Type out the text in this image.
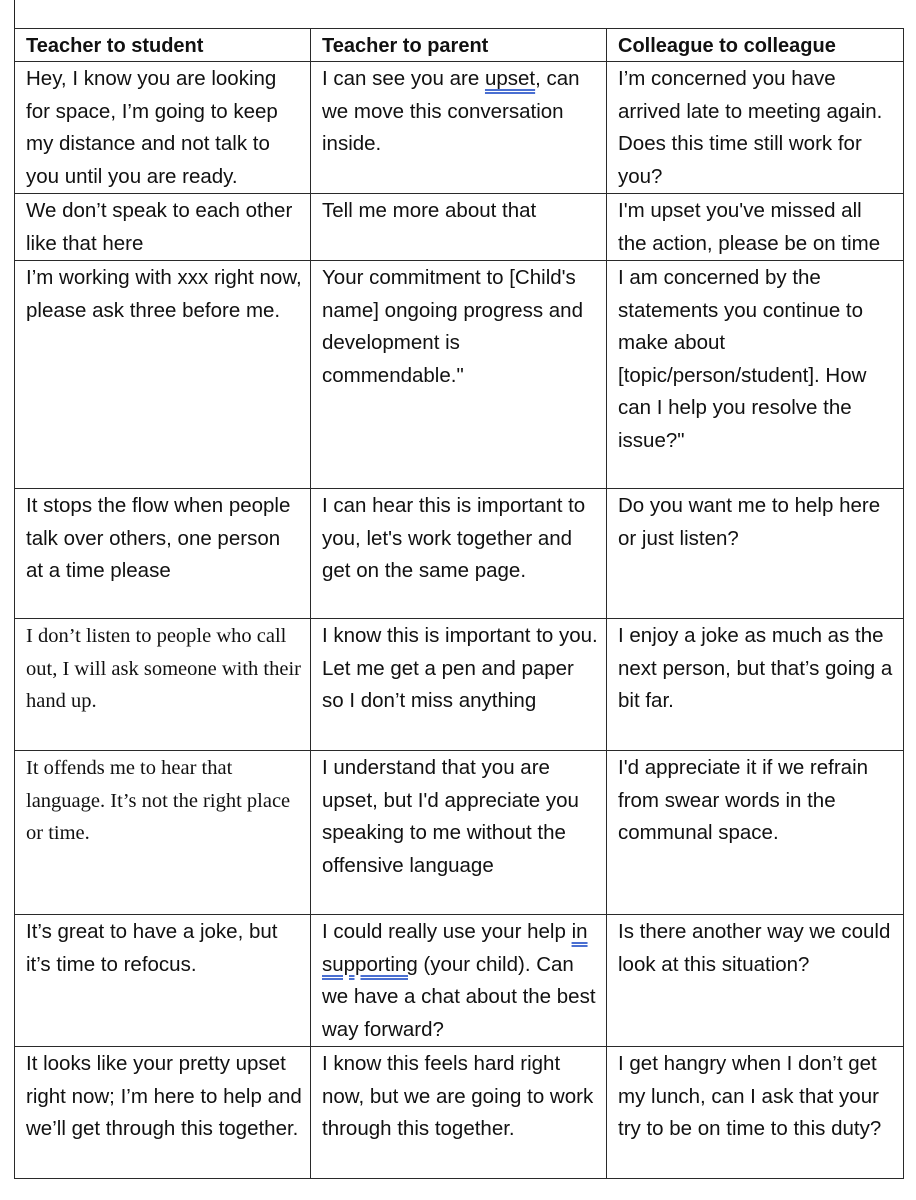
Teacher to student	Teacher to parent	Colleague to colleague
Hey, I know you are looking for space, I’m going to keep my distance and not talk to you until you are ready.	I can see you are upset, can we move this conversation inside.	I’m concerned you have arrived late to meeting again. Does this time still work for you?
We don’t speak to each other like that here	Tell me more about that	I'm upset you've missed all the action, please be on time
I’m working with xxx right now, please ask three before me.	Your commitment to [Child's name] ongoing progress and development is commendable."	I am concerned by the statements you continue to make about [topic/person/student]. How can I help you resolve the issue?"
It stops the flow when people talk over others, one person at a time please	I can hear this is important to you, let's work together and get on the same page.	Do you want me to help here or just listen?
I don’t listen to people who call out, I will ask someone with their hand up.	I know this is important to you. Let me get a pen and paper so I don’t miss anything	I enjoy a joke as much as the next person, but that’s going a bit far.
It offends me to hear that language. It’s not the right place or time.	I understand that you are upset, but I'd appreciate you speaking to me without the offensive language	I'd appreciate it if we refrain from swear words in the communal space.
It’s great to have a joke, but it’s time to refocus.	I could really use your help in supporting (your child). Can we have a chat about the best way forward?	Is there another way we could look at this situation?
It looks like your pretty upset right now; I’m here to help and we’ll get through this together.	I know this feels hard right now, but we are going to work through this together.	I get hangry when I don’t get my lunch, can I ask that your try to be on time to this duty?
